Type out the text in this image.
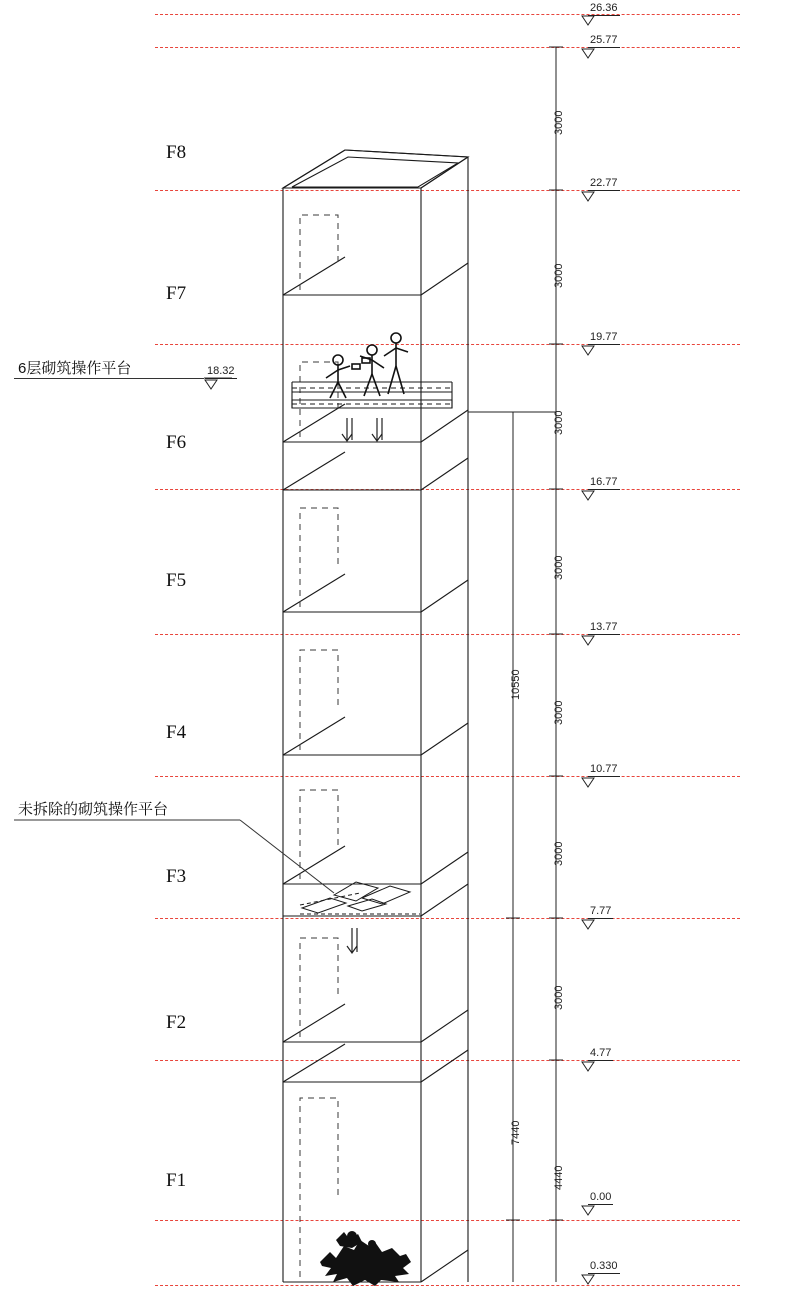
F8
F7
F6
F5
F4
F3
F2
F1
6层砌筑操作平台
未拆除的砌筑操作平台
26.36
25.77
22.77
19.77
18.32
16.77
13.77
10.77
7.77
4.77
0.00
0.330
3000
3000
3000
3000
3000
3000
3000
4440
10550
7440
